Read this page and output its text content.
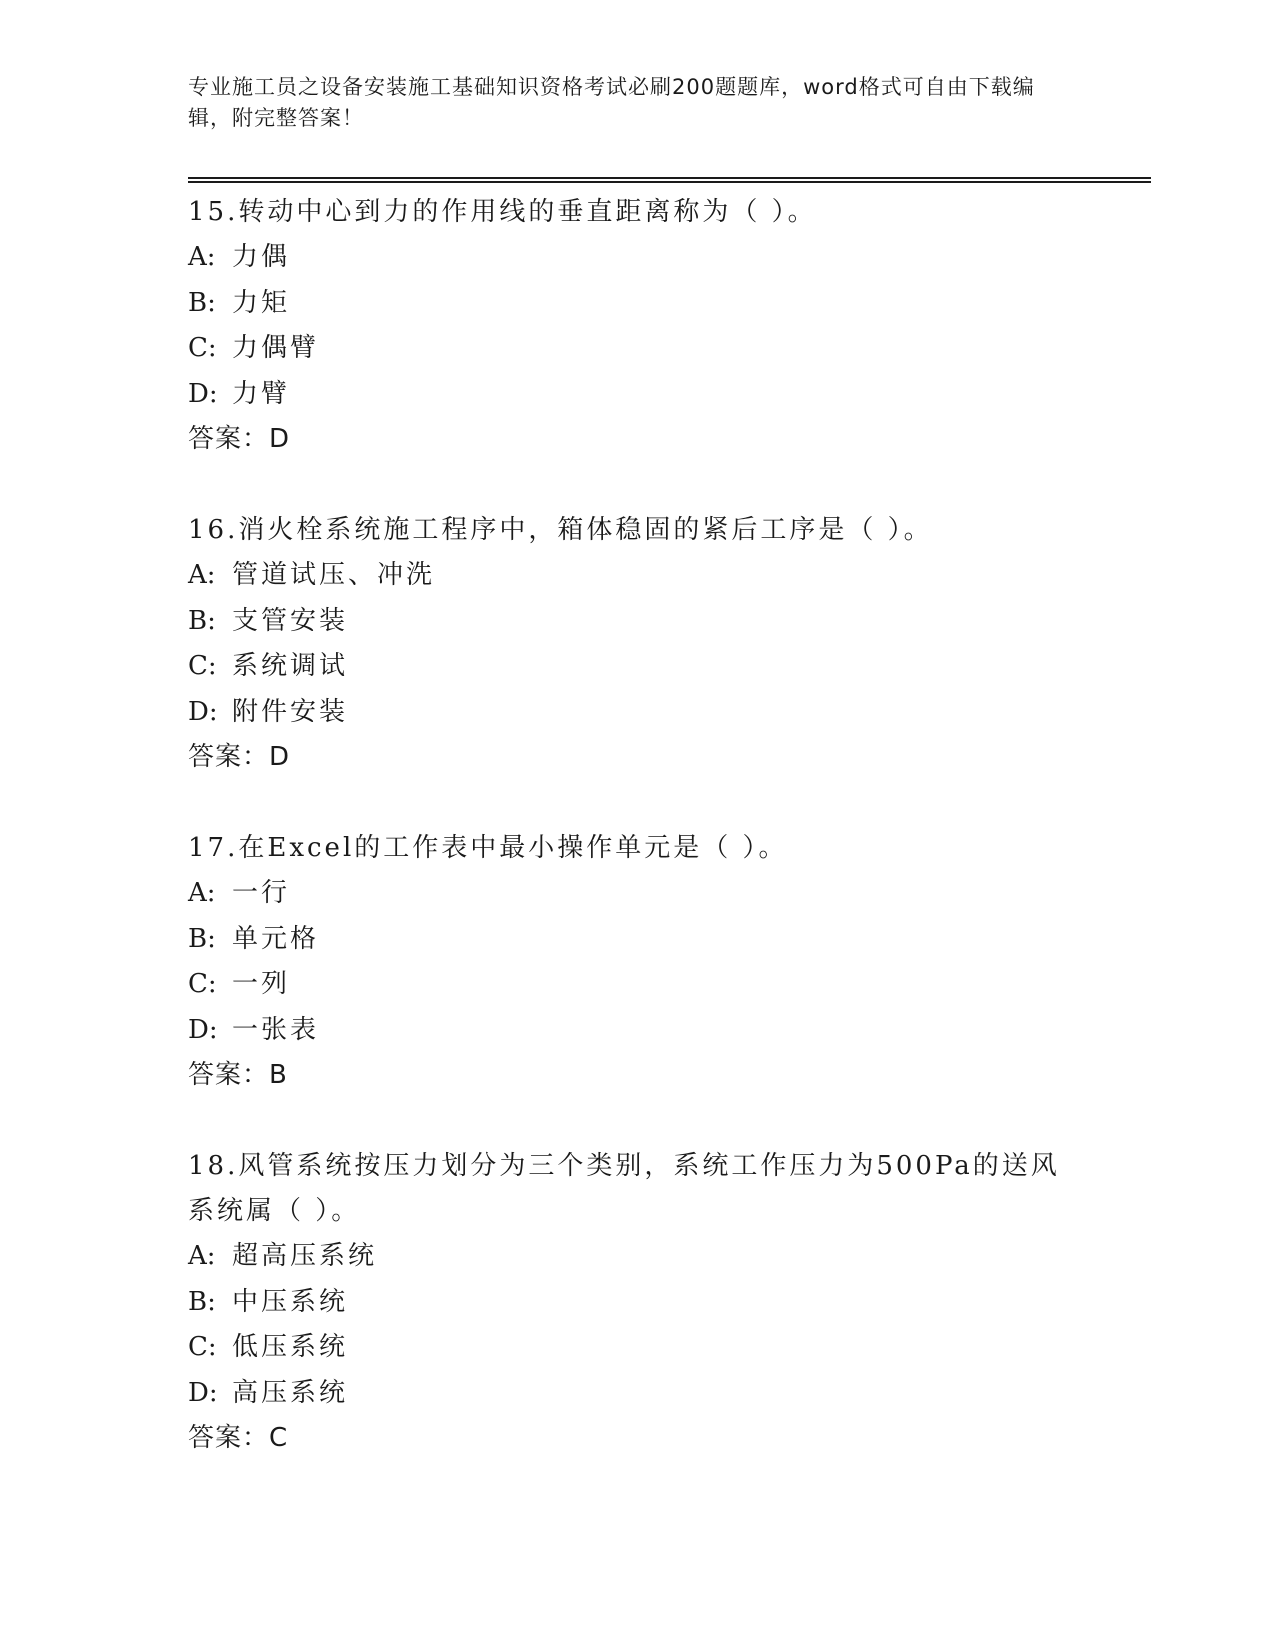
专业施工员之设备安装施工基础知识资格考试必刷200题题库，word格式可自由下载编辑，附完整答案！
15.转动中心到力的作用线的垂直距离称为（ ）。
A: 力偶
B: 力矩
C: 力偶臂
D: 力臂
答案：D
16.消火栓系统施工程序中，箱体稳固的紧后工序是（ ）。
A: 管道试压、冲洗
B: 支管安装
C: 系统调试
D: 附件安装
答案：D
17.在Excel的工作表中最小操作单元是（ ）。
A: 一行
B: 单元格
C: 一列
D: 一张表
答案：B
18.风管系统按压力划分为三个类别，系统工作压力为500Pa的送风系统属（ ）。
A: 超高压系统
B: 中压系统
C: 低压系统
D: 高压系统
答案：C
